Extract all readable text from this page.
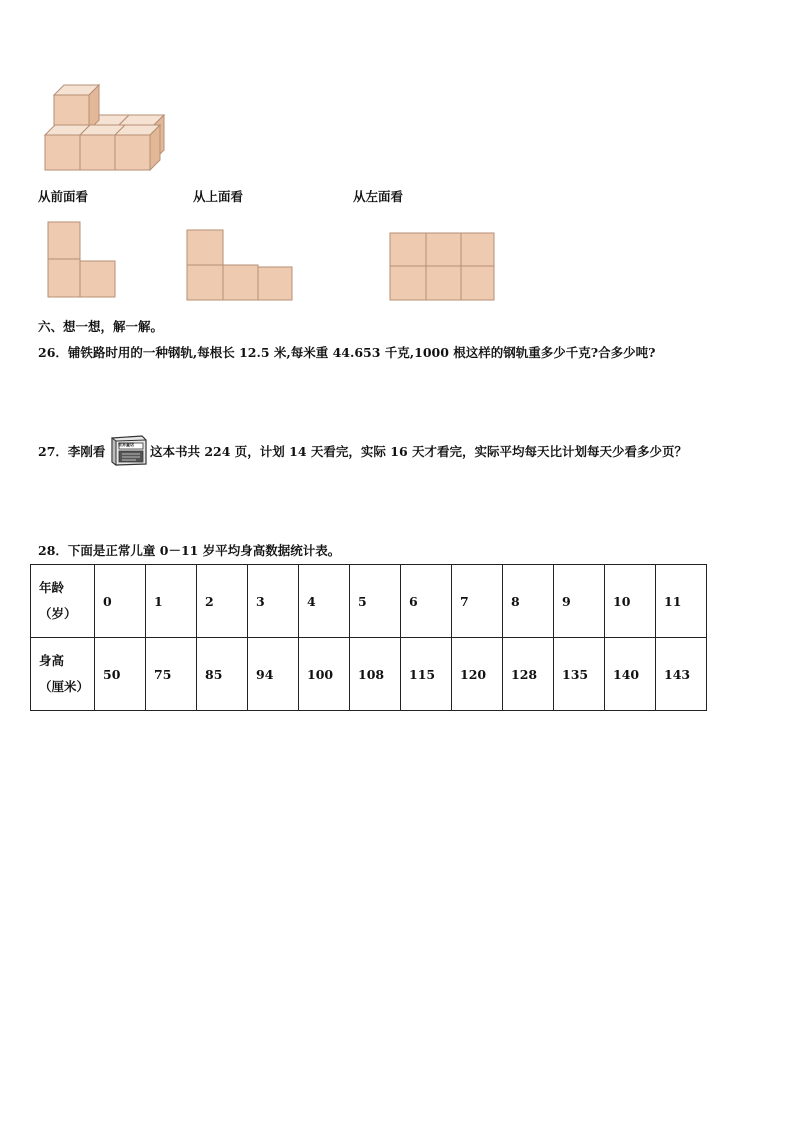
从前面看	从上面看	从左面看
六、想一想，解一解。
26．铺铁路时用的一种钢轨,每根长 12.5 米,每米重 44.653 千克,1000 根这样的钢轨重多少千克?合多少吨?
27．李刚看	世界童话 这本书共 224 页，计划 14 天看完，实际 16 天才看完，实际平均每天比计划每天少看多少页？
28．下面是正常儿童 0－11 岁平均身高数据统计表。
年龄
（岁）	0	1	2	3	4	5	6	7	8	9	10	11
身高
（厘米）	50	75	85	94	100	108	115	120	128	135	140	143
